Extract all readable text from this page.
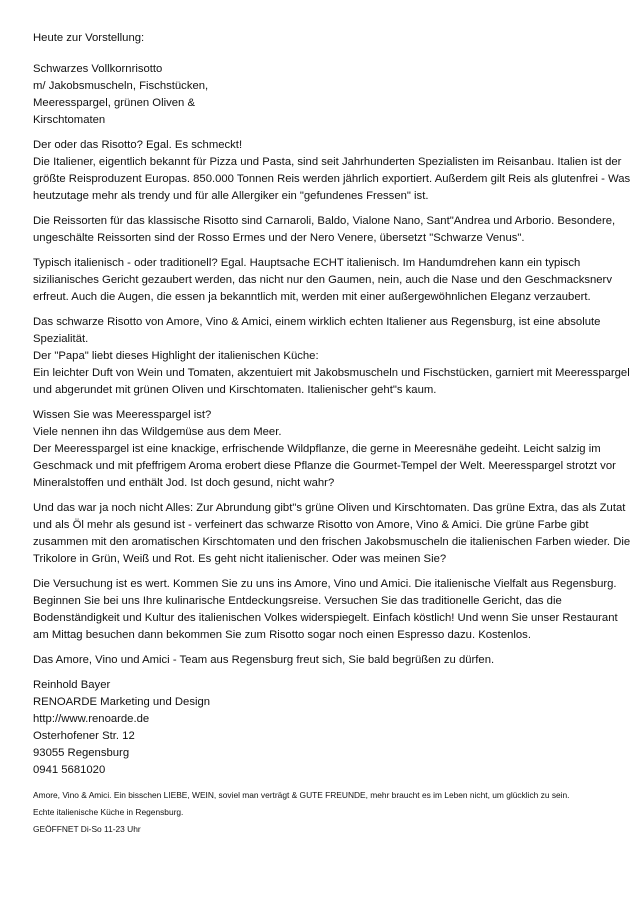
Heute zur Vorstellung:
Schwarzes Vollkornrisotto
m/ Jakobsmuscheln, Fischstücken,
Meeresspargel, grünen Oliven &
Kirschtomaten
Der oder das Risotto? Egal. Es schmeckt!
Die Italiener, eigentlich bekannt für Pizza und Pasta, sind seit Jahrhunderten Spezialisten im Reisanbau. Italien ist der
größte Reisproduzent Europas. 850.000 Tonnen Reis werden jährlich exportiert. Außerdem gilt Reis als glutenfrei - Was
heutzutage mehr als trendy und für alle Allergiker ein "gefundenes Fressen" ist.
Die Reissorten für das klassische Risotto sind Carnaroli, Baldo, Vialone Nano, Sant"Andrea und Arborio. Besondere,
ungeschälte Reissorten sind der Rosso Ermes und der Nero Venere, übersetzt "Schwarze Venus".
Typisch italienisch - oder traditionell? Egal. Hauptsache ECHT italienisch. Im Handumdrehen kann ein typisch
sizilianisches Gericht gezaubert werden, das nicht nur den Gaumen, nein, auch die Nase und den Geschmacksnerv
erfreut. Auch die Augen, die essen ja bekanntlich mit, werden mit einer außergewöhnlichen Eleganz verzaubert.
Das schwarze Risotto von Amore, Vino & Amici, einem wirklich echten Italiener aus Regensburg, ist eine absolute
Spezialität.
Der "Papa" liebt dieses Highlight der italienischen Küche:
Ein leichter Duft von Wein und Tomaten, akzentuiert mit Jakobsmuscheln und Fischstücken, garniert mit Meeresspargel
und abgerundet mit grünen Oliven und Kirschtomaten. Italienischer geht"s kaum.
Wissen Sie was Meeresspargel ist?
Viele nennen ihn das Wildgemüse aus dem Meer.
Der Meeresspargel ist eine knackige, erfrischende Wildpflanze, die gerne in Meeresnähe gedeiht. Leicht salzig im
Geschmack und mit pfeffrigem Aroma erobert diese Pflanze die Gourmet-Tempel der Welt. Meeresspargel strotzt vor
Mineralstoffen und enthält Jod. Ist doch gesund, nicht wahr?
Und das war ja noch nicht Alles: Zur Abrundung gibt"s grüne Oliven und Kirschtomaten. Das grüne Extra, das als Zutat
und als Öl mehr als gesund ist - verfeinert das schwarze Risotto von Amore, Vino & Amici. Die grüne Farbe gibt
zusammen mit den aromatischen Kirschtomaten und den frischen Jakobsmuscheln die italienischen Farben wieder. Die
Trikolore in Grün, Weiß und Rot. Es geht nicht italienischer. Oder was meinen Sie?
Die Versuchung ist es wert. Kommen Sie zu uns ins Amore, Vino und Amici. Die italienische Vielfalt aus Regensburg.
Beginnen Sie bei uns Ihre kulinarische Entdeckungsreise. Versuchen Sie das traditionelle Gericht, das die
Bodenständigkeit und Kultur des italienischen Volkes widerspiegelt. Einfach köstlich! Und wenn Sie unser Restaurant
am Mittag besuchen dann bekommen Sie zum Risotto sogar noch einen Espresso dazu. Kostenlos.
Das Amore, Vino und Amici - Team aus Regensburg freut sich, Sie bald begrüßen zu dürfen.
Reinhold Bayer
RENOARDE Marketing und Design
http://www.renoarde.de
Osterhofener Str. 12
93055 Regensburg
0941 5681020
Amore, Vino & Amici. Ein bisschen LIEBE, WEIN, soviel man verträgt & GUTE FREUNDE, mehr braucht es im Leben nicht, um glücklich zu sein.
Echte italienische Küche in Regensburg.
GEÖFFNET Di-So 11-23 Uhr
